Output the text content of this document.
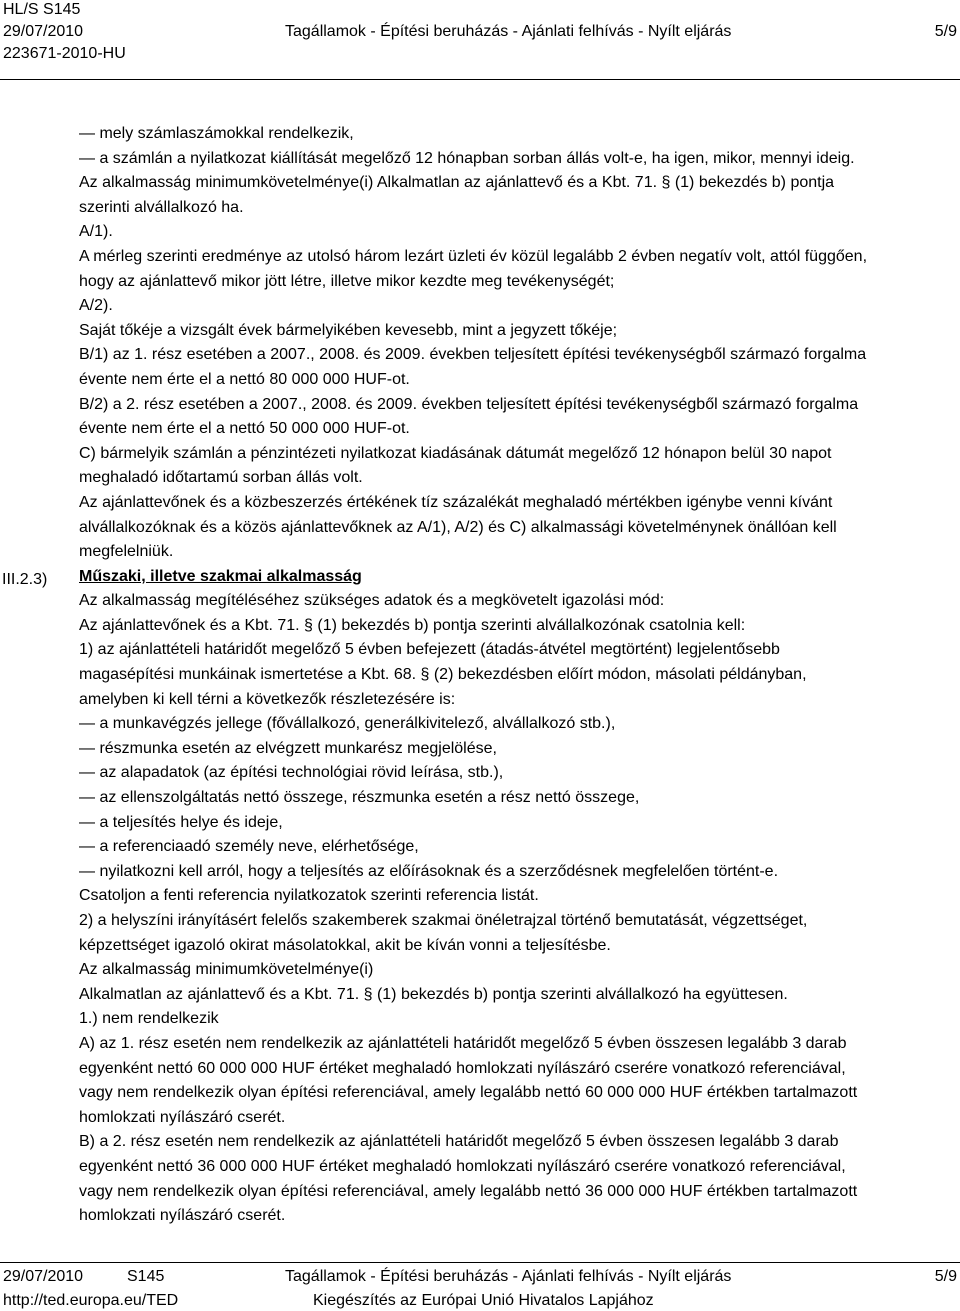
HL/S S145
29/07/2010
223671-2010-HU
Tagállamok - Építési beruházás - Ajánlati felhívás - Nyílt eljárás	5/9
III.2.3)
— mely számlaszámokkal rendelkezik,
— a számlán a nyilatkozat kiállítását megelőző 12 hónapban sorban állás volt-e, ha igen, mikor, mennyi ideig.
Az alkalmasság minimumkövetelménye(i) Alkalmatlan az ajánlattevő és a Kbt. 71. § (1) bekezdés b) pontja
szerinti alvállalkozó ha.
A/1).
A mérleg szerinti eredménye az utolsó három lezárt üzleti év közül legalább 2 évben negatív volt, attól függően,
hogy az ajánlattevő mikor jött létre, illetve mikor kezdte meg tevékenységét;
A/2).
Saját tőkéje a vizsgált évek bármelyikében kevesebb, mint a jegyzett tőkéje;
B/1) az 1. rész esetében a 2007., 2008. és 2009. években teljesített építési tevékenységből származó forgalma
évente nem érte el a nettó 80 000 000 HUF-ot.
B/2) a 2. rész esetében a 2007., 2008. és 2009. években teljesített építési tevékenységből származó forgalma
évente nem érte el a nettó 50 000 000 HUF-ot.
C) bármelyik számlán a pénzintézeti nyilatkozat kiadásának dátumát megelőző 12 hónapon belül 30 napot
meghaladó időtartamú sorban állás volt.
Az ajánlattevőnek és a közbeszerzés értékének tíz százalékát meghaladó mértékben igénybe venni kívánt
alvállalkozóknak és a közös ajánlattevőknek az A/1), A/2) és C) alkalmassági követelménynek önállóan kell
megfelelniük.
Műszaki, illetve szakmai alkalmasság
Az alkalmasság megítéléséhez szükséges adatok és a megkövetelt igazolási mód:
Az ajánlattevőnek és a Kbt. 71. § (1) bekezdés b) pontja szerinti alvállalkozónak csatolnia kell:
1) az ajánlattételi határidőt megelőző 5 évben befejezett (átadás-átvétel megtörtént) legjelentősebb
magasépítési munkáinak ismertetése a Kbt. 68. § (2) bekezdésben előírt módon, másolati példányban,
amelyben ki kell térni a következők részletezésére is:
— a munkavégzés jellege (fővállalkozó, generálkivitelező, alvállalkozó stb.),
— részmunka esetén az elvégzett munkarész megjelölése,
— az alapadatok (az építési technológiai rövid leírása, stb.),
— az ellenszolgáltatás nettó összege, részmunka esetén a rész nettó összege,
— a teljesítés helye és ideje,
— a referenciaadó személy neve, elérhetősége,
— nyilatkozni kell arról, hogy a teljesítés az előírásoknak és a szerződésnek megfelelően történt-e.
Csatoljon a fenti referencia nyilatkozatok szerinti referencia listát.
2) a helyszíni irányításért felelős szakemberek szakmai önéletrajzal történő bemutatását, végzettséget,
képzettséget igazoló okirat másolatokkal, akit be kíván vonni a teljesítésbe.
Az alkalmasság minimumkövetelménye(i)
Alkalmatlan az ajánlattevő és a Kbt. 71. § (1) bekezdés b) pontja szerinti alvállalkozó ha együttesen.
1.) nem rendelkezik
A) az 1. rész esetén nem rendelkezik az ajánlattételi határidőt megelőző 5 évben összesen legalább 3 darab
egyenként nettó 60 000 000 HUF értéket meghaladó homlokzati nyílászáró cserére vonatkozó referenciával,
vagy nem rendelkezik olyan építési referenciával, amely legalább nettó 60 000 000 HUF értékben tartalmazott
homlokzati nyílászáró cserét.
B) a 2. rész esetén nem rendelkezik az ajánlattételi határidőt megelőző 5 évben összesen legalább 3 darab
egyenként nettó 36 000 000 HUF értéket meghaladó homlokzati nyílászáró cserére vonatkozó referenciával,
vagy nem rendelkezik olyan építési referenciával, amely legalább nettó 36 000 000 HUF értékben tartalmazott
homlokzati nyílászáró cserét.
29/07/2010	S145
http://ted.europa.eu/TED
Tagállamok - Építési beruházás - Ajánlati felhívás - Nyílt eljárás
Kiegészítés az Európai Unió Hivatalos Lapjához
5/9
